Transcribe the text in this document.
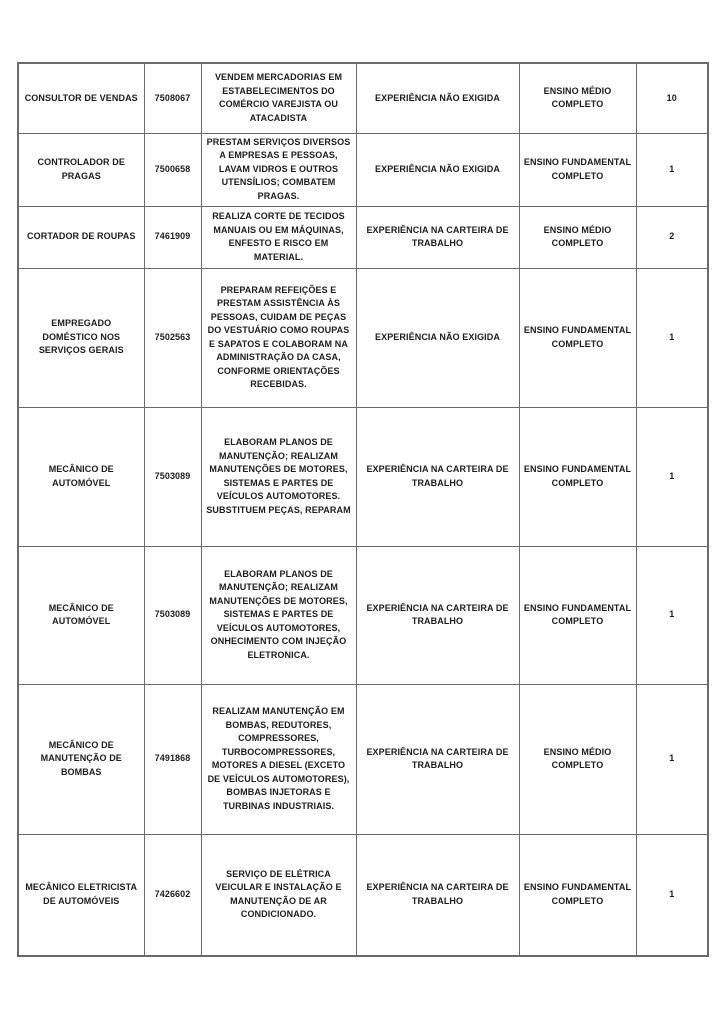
CONSULTOR DE VENDAS	7508067	VENDEM MERCADORIAS EM ESTABELECIMENTOS DO COMÉRCIO VAREJISTA OU ATACADISTA	EXPERIÊNCIA NÃO EXIGIDA	ENSINO MÉDIO COMPLETO	10
CONTROLADOR DE PRAGAS	7500658	PRESTAM SERVIÇOS DIVERSOS A EMPRESAS E PESSOAS, LAVAM VIDROS E OUTROS UTENSÍLIOS; COMBATEM PRAGAS.	EXPERIÊNCIA NÃO EXIGIDA	ENSINO FUNDAMENTAL COMPLETO	1
CORTADOR DE ROUPAS	7461909	REALIZA CORTE DE TECIDOS MANUAIS OU EM MÁQUINAS, ENFESTO E RISCO EM MATERIAL.	EXPERIÊNCIA NA CARTEIRA DE TRABALHO	ENSINO MÉDIO COMPLETO	2
EMPREGADO DOMÉSTICO NOS SERVIÇOS GERAIS	7502563	PREPARAM REFEIÇÕES E PRESTAM ASSISTÊNCIA ÀS PESSOAS, CUIDAM DE PEÇAS DO VESTUÁRIO COMO ROUPAS E SAPATOS E COLABORAM NA ADMINISTRAÇÃO DA CASA, CONFORME ORIENTAÇÕES RECEBIDAS.	EXPERIÊNCIA NÃO EXIGIDA	ENSINO FUNDAMENTAL COMPLETO	1
MECÂNICO DE AUTOMÓVEL	7503089	ELABORAM PLANOS DE MANUTENÇÃO; REALIZAM MANUTENÇÕES DE MOTORES, SISTEMAS E PARTES DE VEÍCULOS AUTOMOTORES. SUBSTITUEM PEÇAS, REPARAM	EXPERIÊNCIA NA CARTEIRA DE TRABALHO	ENSINO FUNDAMENTAL COMPLETO	1
MECÂNICO DE AUTOMÓVEL	7503089	ELABORAM PLANOS DE MANUTENÇÃO; REALIZAM MANUTENÇÕES DE MOTORES, SISTEMAS E PARTES DE VEÍCULOS AUTOMOTORES, ONHECIMENTO COM INJEÇÃO ELETRONICA.	EXPERIÊNCIA NA CARTEIRA DE TRABALHO	ENSINO FUNDAMENTAL COMPLETO	1
MECÂNICO DE MANUTENÇÃO DE BOMBAS	7491868	REALIZAM MANUTENÇÃO EM BOMBAS, REDUTORES, COMPRESSORES, TURBOCOMPRESSORES, MOTORES A DIESEL (EXCETO DE VEÍCULOS AUTOMOTORES), BOMBAS INJETORAS E TURBINAS INDUSTRIAIS.	EXPERIÊNCIA NA CARTEIRA DE TRABALHO	ENSINO MÉDIO COMPLETO	1
MECÂNICO ELETRICISTA DE AUTOMÓVEIS	7426602	SERVIÇO DE ELÉTRICA VEICULAR E INSTALAÇÃO E MANUTENÇÃO DE AR CONDICIONADO.	EXPERIÊNCIA NA CARTEIRA DE TRABALHO	ENSINO FUNDAMENTAL COMPLETO	1
